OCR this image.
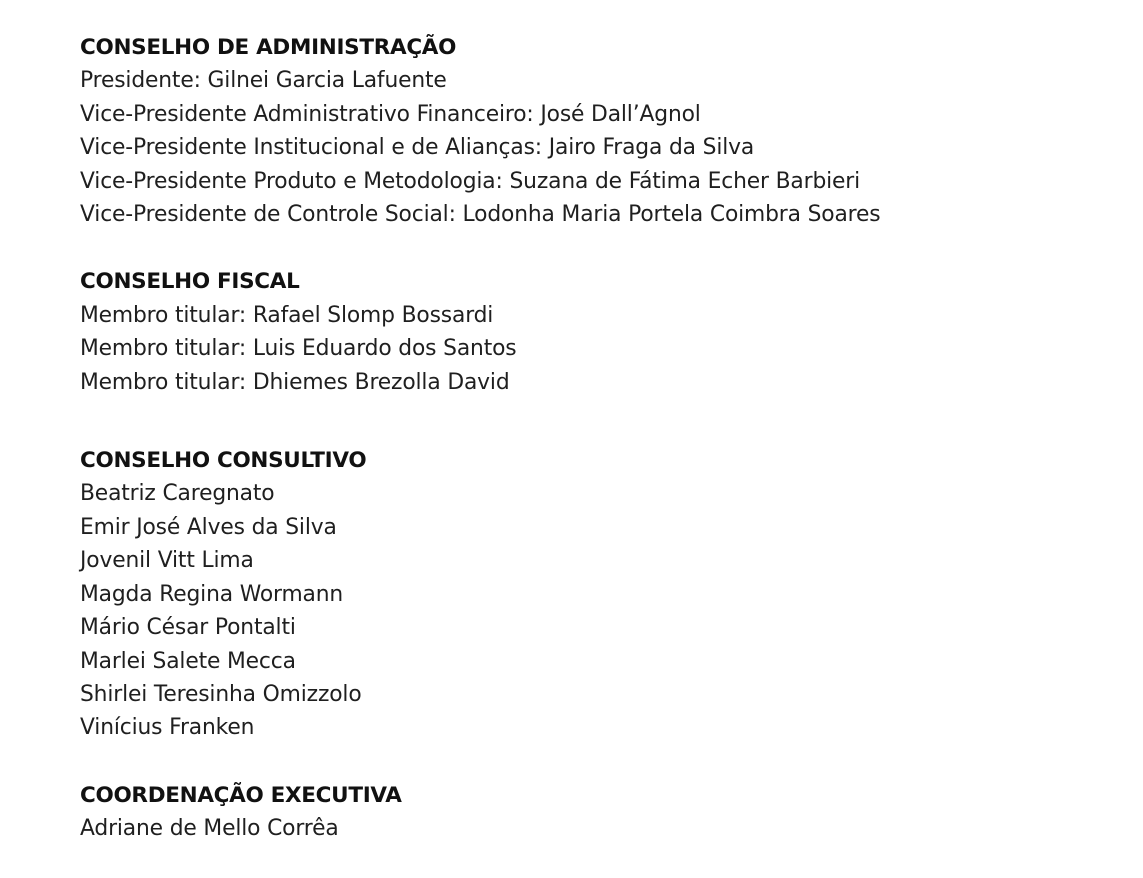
CONSELHO DE ADMINISTRAÇÃO
Presidente: Gilnei Garcia Lafuente
Vice-Presidente Administrativo Financeiro: José Dall’Agnol
Vice-Presidente Institucional e de Alianças: Jairo Fraga da Silva
Vice-Presidente Produto e Metodologia: Suzana de Fátima Echer Barbieri
Vice-Presidente de Controle Social: Lodonha Maria Portela Coimbra Soares
CONSELHO FISCAL
Membro titular: Rafael Slomp Bossardi
Membro titular: Luis Eduardo dos Santos
Membro titular: Dhiemes Brezolla David
CONSELHO CONSULTIVO
Beatriz Caregnato
Emir José Alves da Silva
Jovenil Vitt Lima
Magda Regina Wormann
Mário César Pontalti
Marlei Salete Mecca
Shirlei Teresinha Omizzolo
Vinícius Franken
COORDENAÇÃO EXECUTIVA
Adriane de Mello Corrêa
